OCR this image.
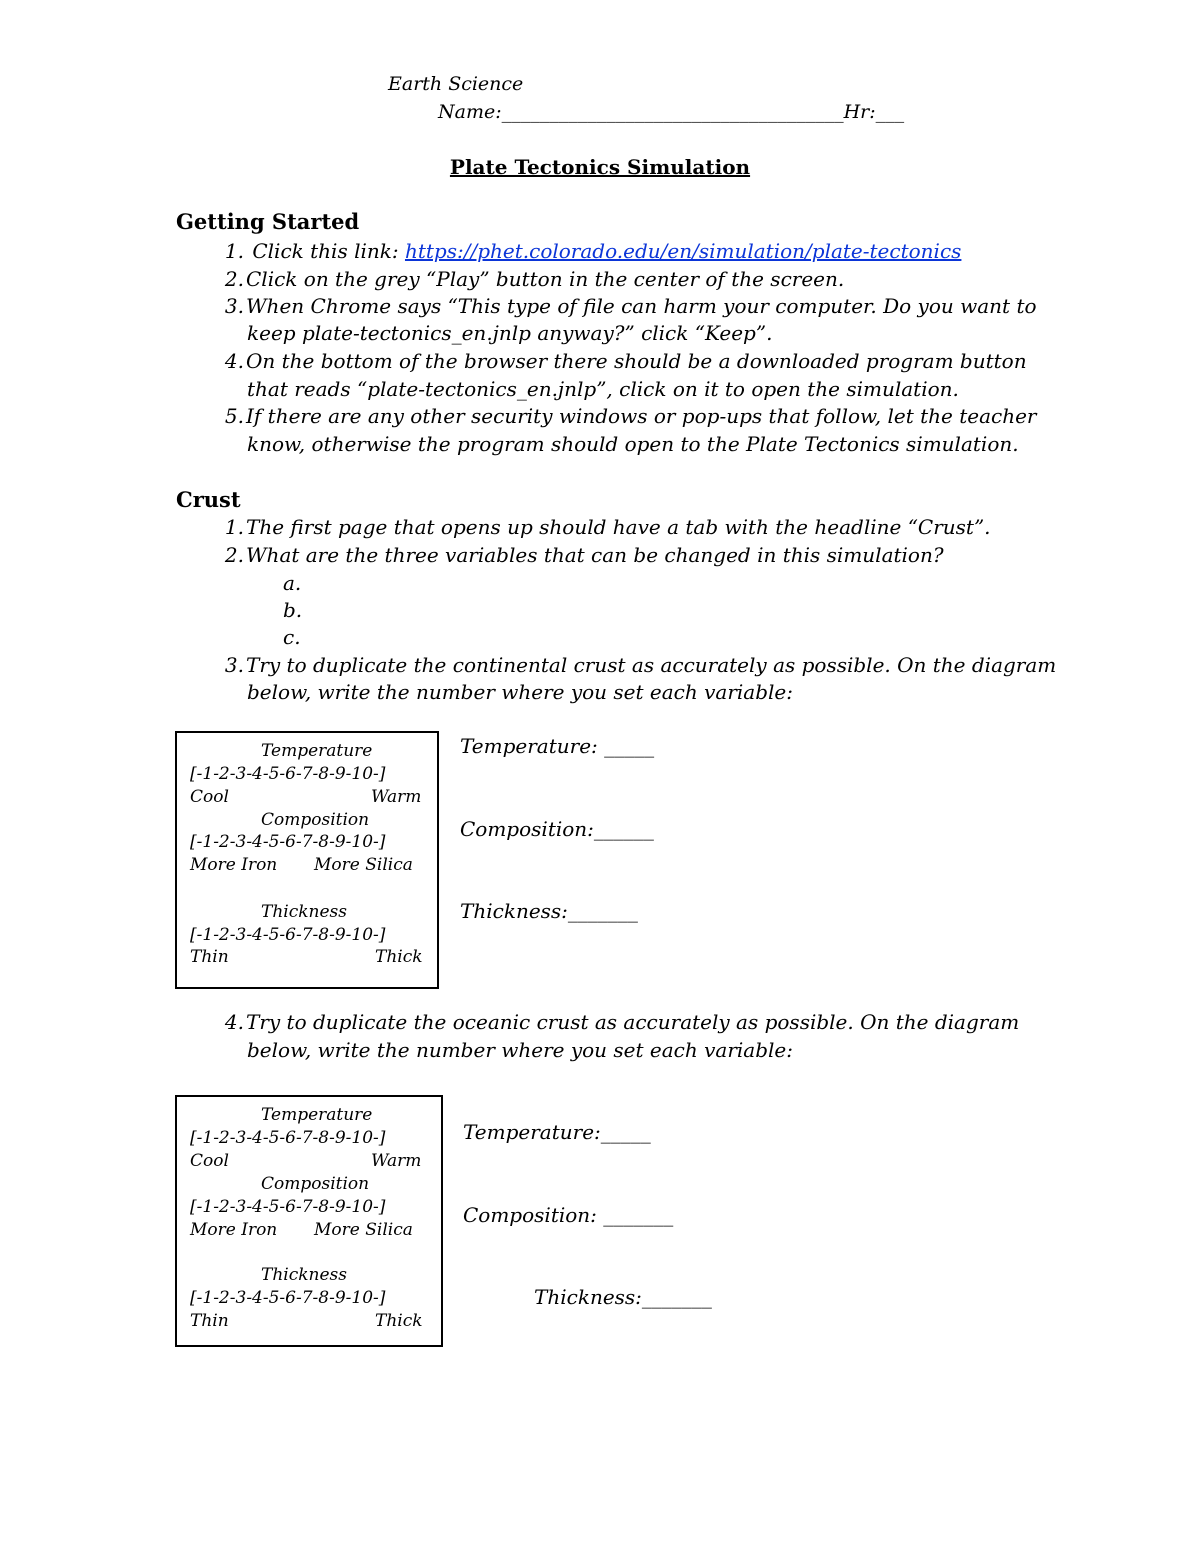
Earth Science
Name:____________________________________Hr:___
Plate Tectonics Simulation
Getting Started
1. Click this link: https://phet.colorado.edu/en/simulation/plate-tectonics
2. Click on the grey “Play” button in the center of the screen.
3. When Chrome says “This type of file can harm your computer. Do you want to
keep plate-tectonics_en.jnlp anyway?” click “Keep”.
4. On the bottom of the browser there should be a downloaded program button
that reads “plate-tectonics_en.jnlp”, click on it to open the simulation.
5. If there are any other security windows or pop-ups that follow, let the teacher
know, otherwise the program should open to the Plate Tectonics simulation.
Crust
1. The first page that opens up should have a tab with the headline “Crust”.
2. What are the three variables that can be changed in this simulation?
a.
b.
c.
3. Try to duplicate the continental crust as accurately as possible. On the diagram
below, write the number where you set each variable:
Temperature
[-1-2-3-4-5-6-7-8-9-10-]
Cool	Warm
Composition
[-1-2-3-4-5-6-7-8-9-10-]
More Iron More Silica
Thickness
[-1-2-3-4-5-6-7-8-9-10-]
Thin	Thick
Temperature: _____
Composition:______
Thickness:_______
4. Try to duplicate the oceanic crust as accurately as possible. On the diagram
below, write the number where you set each variable:
Temperature
[-1-2-3-4-5-6-7-8-9-10-]
Cool	Warm
Composition
[-1-2-3-4-5-6-7-8-9-10-]
More Iron More Silica
Thickness
[-1-2-3-4-5-6-7-8-9-10-]
Thin	Thick
Temperature:_____
Composition: _______
Thickness:_______
